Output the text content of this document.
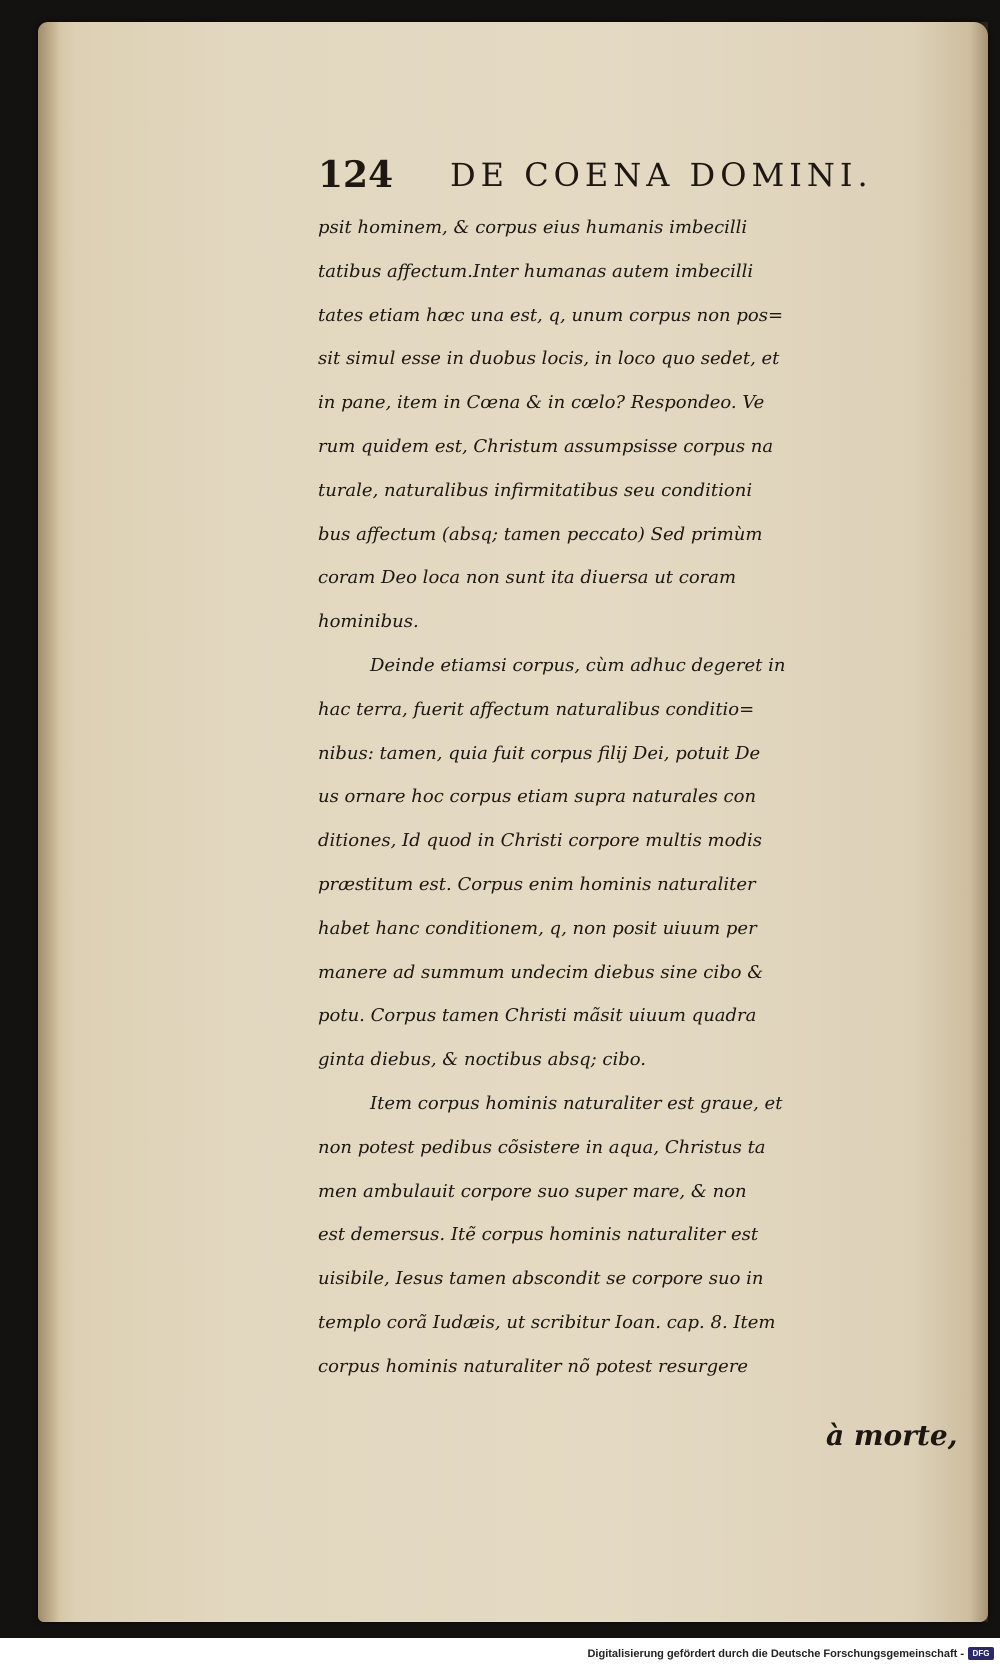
124 DE COENA DOMINI.
psit hominem, & corpus eius humanis imbecilli
tatibus affectum.Inter humanas autem imbecilli
tates etiam hæc una est, q, unum corpus non pos=
sit simul esse in duobus locis, in loco quo sedet, et
in pane, item in Cœna & in cœlo? Respondeo. Ve
rum quidem est, Christum assumpsisse corpus na
turale, naturalibus infirmitatibus seu conditioni
bus affectum (absq; tamen peccato) Sed primùm
coram Deo loca non sunt ita diuersa ut coram
hominibus.
Deinde etiamsi corpus, cùm adhuc degeret in
hac terra, fuerit affectum naturalibus conditio=
nibus: tamen, quia fuit corpus filij Dei, potuit De
us ornare hoc corpus etiam supra naturales con
ditiones, Id quod in Christi corpore multis modis
præstitum est. Corpus enim hominis naturaliter
habet hanc conditionem, q, non posit uiuum per
manere ad summum undecim diebus sine cibo &
potu. Corpus tamen Christi mãsit uiuum quadra
ginta diebus, & noctibus absq; cibo.
Item corpus hominis naturaliter est graue, et
non potest pedibus cõsistere in aqua, Christus ta
men ambulauit corpore suo super mare, & non
est demersus. Itẽ corpus hominis naturaliter est
uisibile, Iesus tamen abscondit se corpore suo in
templo corã Iudæis, ut scribitur Ioan. cap. 8. Item
corpus hominis naturaliter nõ potest resurgere
à morte,
Digitalisierung gefördert durch die Deutsche Forschungsgemeinschaft -	DFG
